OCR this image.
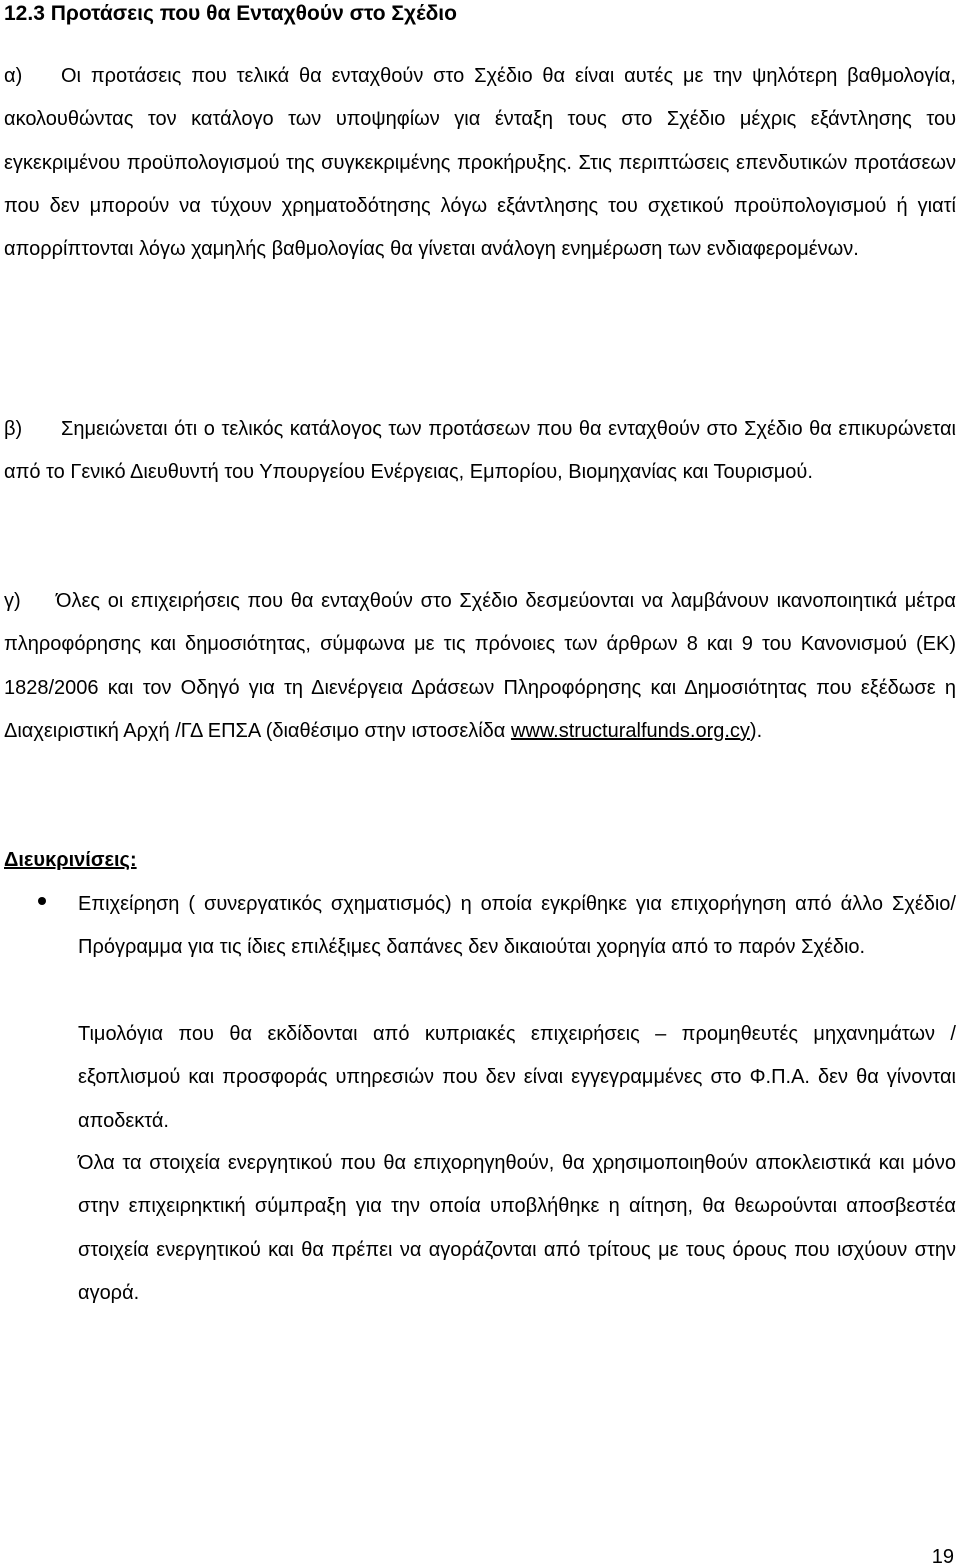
12.3 Προτάσεις που θα Ενταχθούν στο Σχέδιο

α) Οι προτάσεις που τελικά θα ενταχθούν στο Σχέδιο θα είναι αυτές με την ψηλότερη βαθμολογία, ακολουθώντας τον κατάλογο των υποψηφίων για ένταξη τους στο Σχέδιο μέχρις εξάντλησης του εγκεκριμένου προϋπολογισμού της συγκεκριμένης προκήρυξης. Στις περιπτώσεις επενδυτικών προτάσεων που δεν μπορούν να τύχουν χρηματοδότησης λόγω εξάντλησης του σχετικού προϋπολογισμού ή γιατί απορρίπτονται λόγω χαμηλής βαθμολογίας θα γίνεται ανάλογη ενημέρωση των ενδιαφερομένων.

β) Σημειώνεται ότι ο τελικός κατάλογος των προτάσεων που θα ενταχθούν στο Σχέδιο θα επικυρώνεται από το Γενικό Διευθυντή του Υπουργείου Ενέργειας, Εμπορίου, Βιομηχανίας και Τουρισμού.

γ) Όλες οι επιχειρήσεις που θα ενταχθούν στο Σχέδιο δεσμεύονται να λαμβάνουν ικανοποιητικά μέτρα πληροφόρησης και δημοσιότητας, σύμφωνα με τις πρόνοιες των άρθρων 8 και 9 του Κανονισμού (ΕΚ) 1828/2006 και τον Οδηγό για τη Διενέργεια Δράσεων Πληροφόρησης και Δημοσιότητας που εξέδωσε η Διαχειριστική Αρχή /ΓΔ ΕΠΣΑ (διαθέσιμο στην ιστοσελίδα www.structuralfunds.org.cy).

Διευκρινίσεις:

Επιχείρηση ( συνεργατικός σχηματισμός) η οποία εγκρίθηκε για επιχορήγηση από άλλο Σχέδιο/ Πρόγραμμα για τις ίδιες επιλέξιμες δαπάνες δεν δικαιούται χορηγία από το παρόν Σχέδιο.

Τιμολόγια που θα εκδίδονται από κυπριακές επιχειρήσεις – προμηθευτές μηχανημάτων / εξοπλισμού και προσφοράς υπηρεσιών που δεν είναι εγγεγραμμένες στο Φ.Π.Α. δεν θα γίνονται αποδεκτά.

Όλα τα στοιχεία ενεργητικού που θα επιχορηγηθούν, θα χρησιμοποιηθούν αποκλειστικά και μόνο στην επιχειρηκτική σύμπραξη για την οποία υποβλήθηκε η αίτηση, θα θεωρούνται αποσβεστέα στοιχεία ενεργητικού και θα πρέπει να αγοράζονται από τρίτους με τους όρους που ισχύουν στην αγορά.

19
